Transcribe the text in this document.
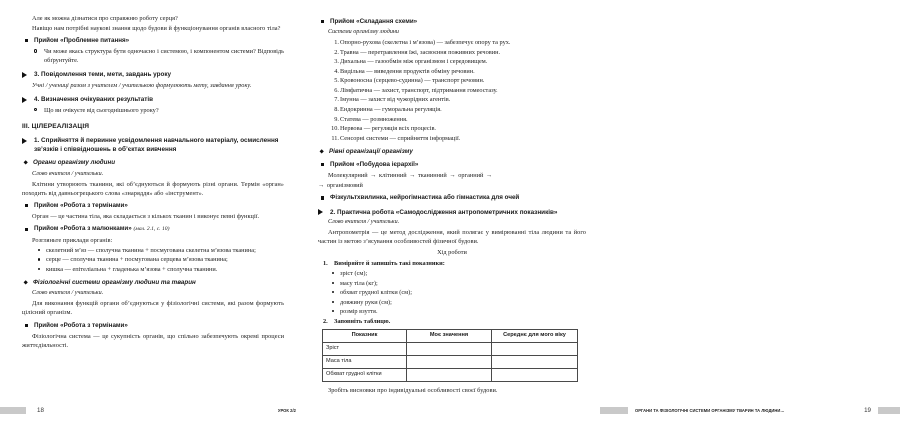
Але як можна дізнатися про справжню роботу серця?

Навіщо нам потрібні наукові знання щодо будови й функціонування органів власного тіла?

Прийом «Проблемне питання»
Чи може якась структура бути одночасно і системою, і компонентом системи? Відповідь обґрунтуйте.
3. Повідомлення теми, мети, завдань уроку

Учні / учениці разом з учителем / учителькою формулюють мету, завдання уроку.

4. Визначення очікуваних результатів
Що ви очікуєте від сьогоднішнього уроку?
III. ЦІЛЕРЕАЛІЗАЦІЯ
1. Сприйняття й первинне усвідомлення навчального матеріалу, осмислення зв’язків і співвідношень в об’єктах вивчення
Органи організму людини

Слово вчителя / учительки.

Клітини утворюють тканини, які об’єднуються й формують різні органи. Термін «орган» походить від давньогрецького слова «знаряддя» або «інструмент».

Прийом «Робота з термінами»

Орган — це частина тіла, яка складається з кількох тканин і виконує певні функції.

Прийом «Робота з малюнками» (мал. 2.1, с. 10)

Розгляньте приклади органів:

скелетний м’яз — сполучна тканина + посмугована скелетна м’язова тканина;
серце — сполучна тканина + посмугована серцева м’язова тканина;
кишка — епітеліальна + гладенька м’язова + сполучна тканини.
Фізіологічні системи організму людини та тварин

Слово вчителя / учительки.

Для виконання функцій органи об’єднуються у фізіологічні системи, які разом формують цілісний організм.

Прийом «Робота з термінами»

Фізіологічна система — це сукупність органів, що спільно забезпечують окремі процеси життєдіяльності.

18	УРОК 2/2
Прийом «Складання схеми»

Системи організму людини

1. Опорно-рухова (скелетна і м’язова) — забезпечує опору та рух.
2. Травна — перетравлення їжі, засвоєння поживних речовин.
3. Дихальна — газообмін між організмом і середовищем.
4. Видільна — виведення продуктів обміну речовин.
5. Кровоносна (серцево-судинна) — транспорт речовин.
6. Лімфатична — захист, транспорт, підтримання гомеостазу.
7. Імунна — захист від чужорідних агентів.
8. Ендокринна — гуморальна регуляція.
9. Статева — розмноження.
10. Нервова — регуляція всіх процесів.
11. Сенсорні системи — сприйняття інформації.
Рівні організації організму
Прийом «Побудова ієрархії»

Молекулярний → клітинний → тканинний → органний →
→ організмовий

Фізкультхвилинка, нейрогімнастика або гімнастика для очей
2. Практична робота «Самодослідження антропометричних показників»

Слово вчителя / учительки.

Антропометрія — це метод дослідження, який полягає у вимірюванні тіла людини та його частин із метою з’ясування особливостей фізичної будови.

Хід роботи

1. Виміряйте й запишіть такі показники:
зріст (см);
масу тіла (кг);
обхват грудної клітки (см);
довжину руки (см);
розмір взуття.
2. Заповніть таблицю.
Показник	Моє значення	Середнє для мого віку
Зріст		
Маса тіла		
Обхват грудної клітки		

Зробіть висновки про індивідуальні особливості своєї будови.

ОРГАНИ ТА ФІЗІОЛОГІЧНІ СИСТЕМИ ОРГАНІЗМУ ТВАРИН ТА ЛЮДИНИ…	19
